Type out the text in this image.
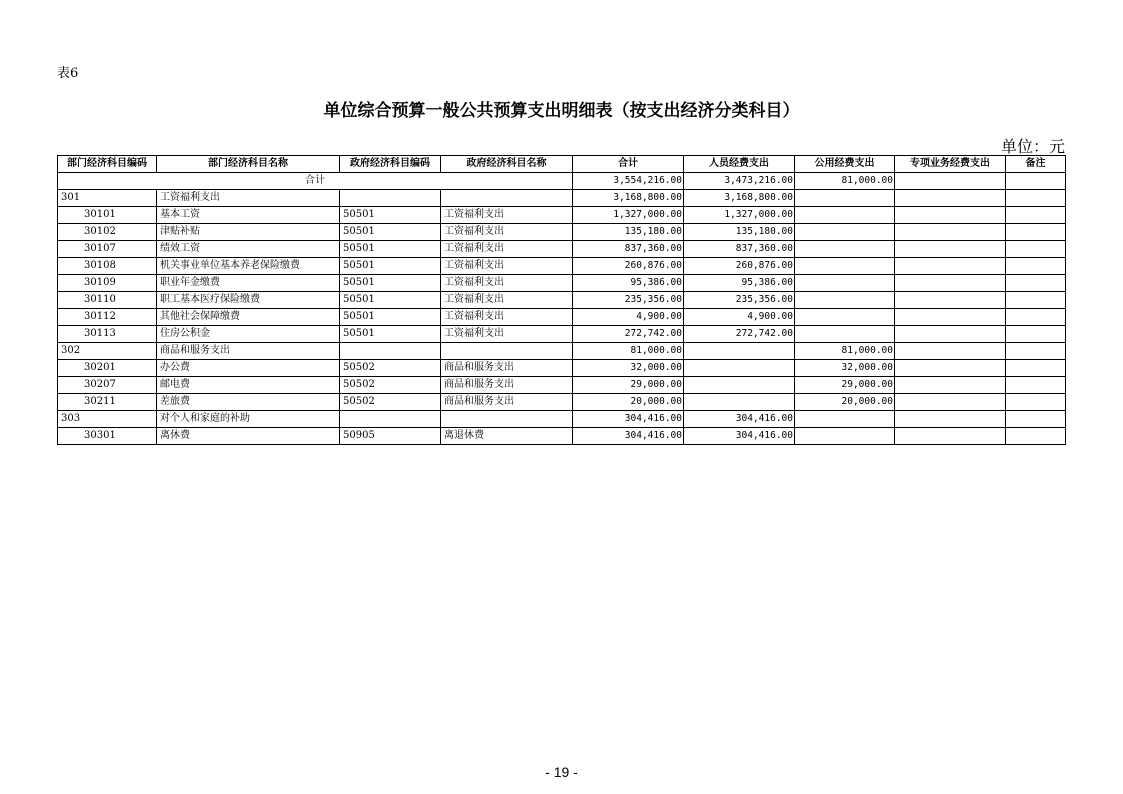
表6
单位综合预算一般公共预算支出明细表（按支出经济分类科目）
单位：元
部门经济科目编码	部门经济科目名称	政府经济科目编码	政府经济科目名称	合计	人员经费支出	公用经费支出	专项业务经费支出	备注
合计				3,554,216.00	3,473,216.00	81,000.00		
301	工资福利支出			3,168,800.00	3,168,800.00			
30101	基本工资	50501	工资福利支出	1,327,000.00	1,327,000.00			
30102	津贴补贴	50501	工资福利支出	135,180.00	135,180.00			
30107	绩效工资	50501	工资福利支出	837,360.00	837,360.00			
30108	机关事业单位基本养老保险缴费	50501	工资福利支出	260,876.00	260,876.00			
30109	职业年金缴费	50501	工资福利支出	95,386.00	95,386.00			
30110	职工基本医疗保险缴费	50501	工资福利支出	235,356.00	235,356.00			
30112	其他社会保障缴费	50501	工资福利支出	4,900.00	4,900.00			
30113	住房公积金	50501	工资福利支出	272,742.00	272,742.00			
302	商品和服务支出			81,000.00		81,000.00		
30201	办公费	50502	商品和服务支出	32,000.00		32,000.00		
30207	邮电费	50502	商品和服务支出	29,000.00		29,000.00		
30211	差旅费	50502	商品和服务支出	20,000.00		20,000.00		
303	对个人和家庭的补助			304,416.00	304,416.00			
30301	离休费	50905	离退休费	304,416.00	304,416.00			
- 19 -
